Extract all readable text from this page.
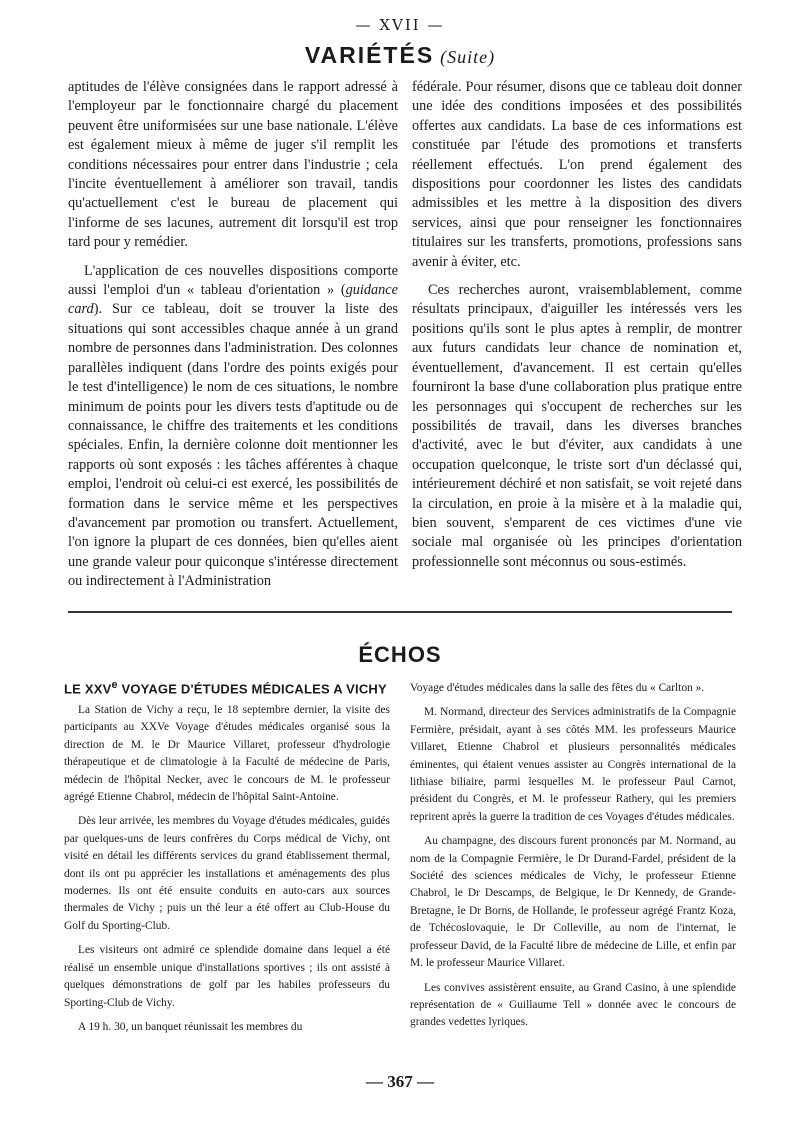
— XVII —
VARIÉTÉS (Suite)

aptitudes de l'élève consignées dans le rapport adressé à l'employeur par le fonctionnaire chargé du placement peuvent être uniformisées sur une base nationale. L'élève est également mieux à même de juger s'il remplit les conditions nécessaires pour entrer dans l'industrie ; cela l'incite éventuellement à améliorer son travail, tandis qu'actuellement c'est le bureau de placement qui l'informe de ses lacunes, autrement dit lorsqu'il est trop tard pour y remédier.

L'application de ces nouvelles dispositions comporte aussi l'emploi d'un « tableau d'orientation » (guidance card). Sur ce tableau, doit se trouver la liste des situations qui sont accessibles chaque année à un grand nombre de personnes dans l'administration. Des colonnes parallèles indiquent (dans l'ordre des points exigés pour le test d'intelligence) le nom de ces situations, le nombre minimum de points pour les divers tests d'aptitude ou de connaissance, le chiffre des traitements et les conditions spéciales. Enfin, la dernière colonne doit mentionner les rapports où sont exposés : les tâches afférentes à chaque emploi, l'endroit où celui-ci est exercé, les possibilités de formation dans le service même et les perspectives d'avancement par promotion ou transfert. Actuellement, l'on ignore la plupart de ces données, bien qu'elles aient une grande valeur pour quiconque s'intéresse directement ou indirectement à l'Administration

fédérale. Pour résumer, disons que ce tableau doit donner une idée des conditions imposées et des possibilités offertes aux candidats. La base de ces informations est constituée par l'étude des promotions et transferts réellement effectués. L'on prend également des dispositions pour coordonner les listes des candidats admissibles et les mettre à la disposition des divers services, ainsi que pour renseigner les fonctionnaires titulaires sur les transferts, promotions, professions sans avenir à éviter, etc.

Ces recherches auront, vraisemblablement, comme résultats principaux, d'aiguiller les intéressés vers les positions qu'ils sont le plus aptes à remplir, de montrer aux futurs candidats leur chance de nomination et, éventuellement, d'avancement. Il est certain qu'elles fourniront la base d'une collaboration plus pratique entre les personnages qui s'occupent de recherches sur les possibilités de travail, dans les diverses branches d'activité, avec le but d'éviter, aux candidats à une occupation quelconque, le triste sort d'un déclassé qui, intérieurement déchiré et non satisfait, se voit rejeté dans la circulation, en proie à la misère et à la maladie qui, bien souvent, s'emparent de ces victimes d'une vie sociale mal organisée où les principes d'orientation professionnelle sont méconnus ou sous-estimés.

ÉCHOS
LE XXVe VOYAGE D'ÉTUDES MÉDICALES A VICHY

La Station de Vichy a reçu, le 18 septembre dernier, la visite des participants au XXVe Voyage d'études médicales organisé sous la direction de M. le Dr Maurice Villaret, professeur d'hydrologie thérapeutique et de climatologie à la Faculté de médecine de Paris, médecin de l'hôpital Necker, avec le concours de M. le professeur agrégé Etienne Chabrol, médecin de l'hôpital Saint-Antoine.

Dès leur arrivée, les membres du Voyage d'études médicales, guidés par quelques-uns de leurs confrères du Corps médical de Vichy, ont visité en détail les différents services du grand établissement thermal, dont ils ont pu apprécier les installations et aménagements des plus modernes. Ils ont été ensuite conduits en auto-cars aux sources thermales de Vichy ; puis un thé leur a été offert au Club-House du Golf du Sporting-Club.

Les visiteurs ont admiré ce splendide domaine dans lequel a été réalisé un ensemble unique d'installations sportives ; ils ont assisté à quelques démonstrations de golf par les habiles professeurs du Sporting-Club de Vichy.

A 19 h. 30, un banquet réunissait les membres du

Voyage d'études médicales dans la salle des fêtes du « Carlton ».

M. Normand, directeur des Services administratifs de la Compagnie Fermière, présidait, ayant à ses côtés MM. les professeurs Maurice Villaret, Etienne Chabrol et plusieurs personnalités médicales éminentes, qui étaient venues assister au Congrès international de la lithiase biliaire, parmi lesquelles M. le professeur Paul Carnot, président du Congrès, et M. le professeur Rathery, qui les premiers reprirent après la guerre la tradition de ces Voyages d'études médicales.

Au champagne, des discours furent prononcés par M. Normand, au nom de la Compagnie Fermière, le Dr Durand-Fardel, président de la Société des sciences médicales de Vichy, le professeur Etienne Chabrol, le Dr Descamps, de Belgique, le Dr Kennedy, de Grande-Bretagne, le Dr Borns, de Hollande, le professeur agrégé Frantz Koza, de Tchécoslovaquie, le Dr Colleville, au nom de l'internat, le professeur David, de la Faculté libre de médecine de Lille, et enfin par M. le professeur Maurice Villaret.

Les convives assistèrent ensuite, au Grand Casino, à une splendide représentation de « Guillaume Tell » donnée avec le concours de grandes vedettes lyriques.

— 367 —
